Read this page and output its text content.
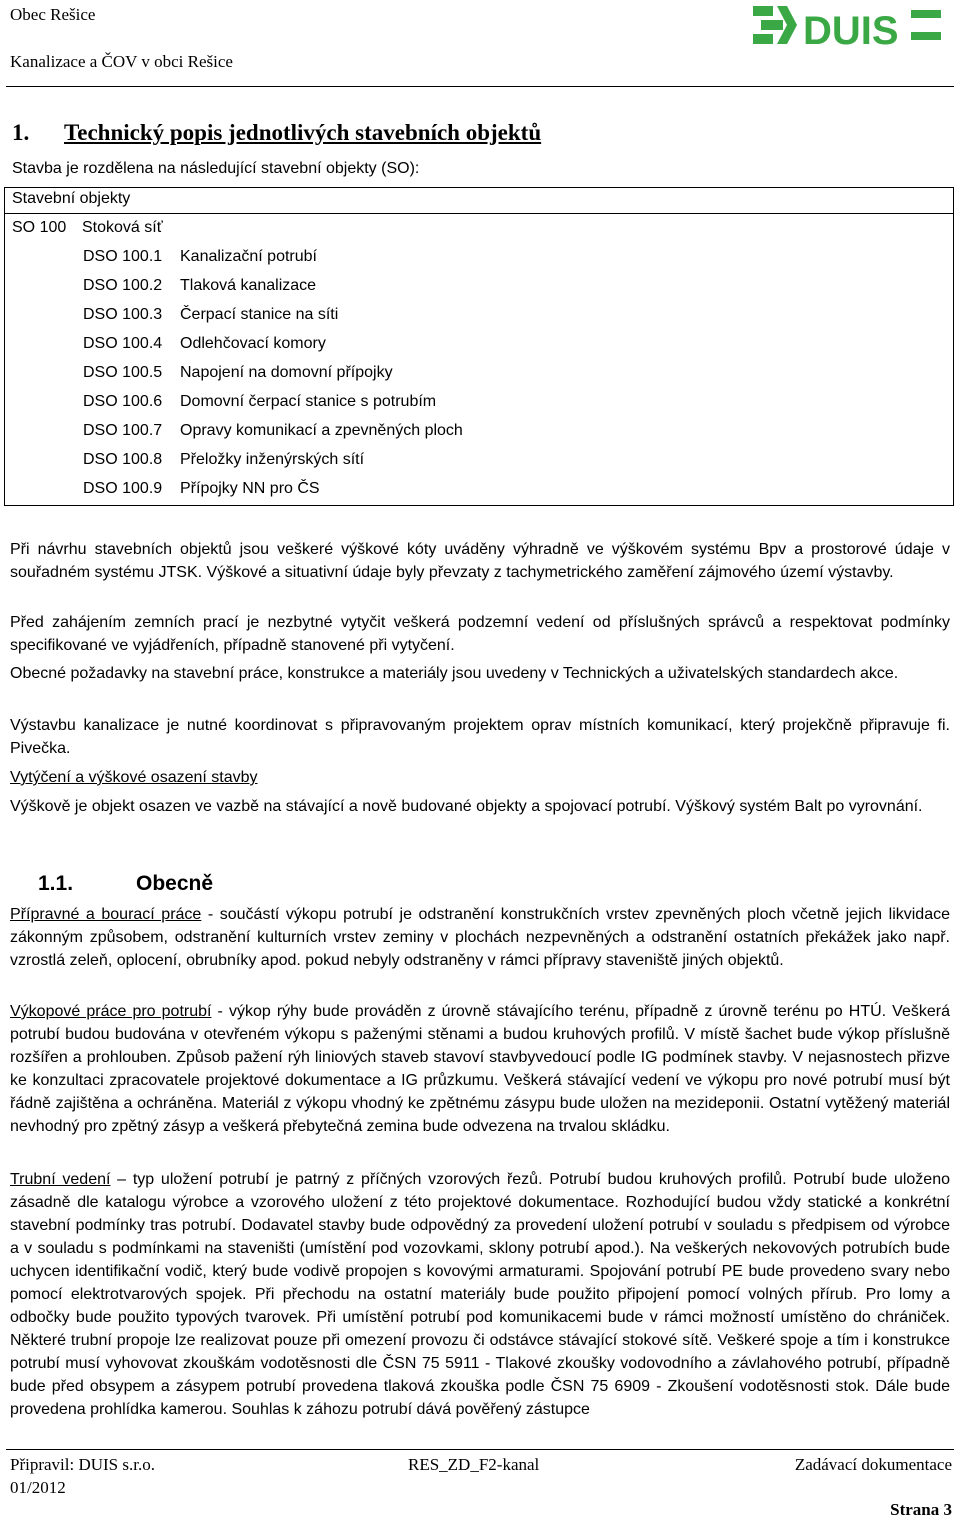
Obec Rešice
Kanalizace a ČOV v obci Rešice
DUIS
1. Technický popis jednotlivých stavebních objektů
Stavba je rozdělena na následující stavební objekty (SO):
Stavební objekty
SO 100 Stoková síť
DSO 100.1 Kanalizační potrubí
DSO 100.2 Tlaková kanalizace
DSO 100.3 Čerpací stanice na síti
DSO 100.4 Odlehčovací komory
DSO 100.5 Napojení na domovní přípojky
DSO 100.6 Domovní čerpací stanice s potrubím
DSO 100.7 Opravy komunikací a zpevněných ploch
DSO 100.8 Přeložky inženýrských sítí
DSO 100.9 Přípojky NN pro ČS
Při návrhu stavebních objektů jsou veškeré výškové kóty uváděny výhradně ve výškovém systému Bpv a prostorové údaje v souřadném systému JTSK. Výškové a situativní údaje byly převzaty z tachymetrického zaměření zájmového území výstavby.
Před zahájením zemních prací je nezbytné vytyčit veškerá podzemní vedení od příslušných správců a respektovat podmínky specifikované ve vyjádřeních, případně stanovené při vytyčení.
Obecné požadavky na stavební práce, konstrukce a materiály jsou uvedeny v Technických a uživatelských standardech akce.
Výstavbu kanalizace je nutné koordinovat s připravovaným projektem oprav místních komunikací, který projekčně připravuje fi. Pivečka.
Vytýčení a výškové osazení stavby
Výškově je objekt osazen ve vazbě na stávající a nově budované objekty a spojovací potrubí. Výškový systém Balt po vyrovnání.
1.1.	Obecně
Přípravné a bourací práce - součástí výkopu potrubí je odstranění konstrukčních vrstev zpevněných ploch včetně jejich likvidace zákonným způsobem, odstranění kulturních vrstev zeminy v plochách nezpevněných a odstranění ostatních překážek jako např. vzrostlá zeleň, oplocení, obrubníky apod. pokud nebyly odstraněny v rámci přípravy staveniště jiných objektů.
Výkopové práce pro potrubí - výkop rýhy bude prováděn z úrovně stávajícího terénu, případně z úrovně terénu po HTÚ. Veškerá potrubí budou budována v otevřeném výkopu s paženými stěnami a budou kruhových profilů. V místě šachet bude výkop příslušně rozšířen a prohlouben. Způsob pažení rýh liniových staveb stavoví stavbyvedoucí podle IG podmínek stavby. V nejasnostech přizve ke konzultaci zpracovatele projektové dokumentace a IG průzkumu. Veškerá stávající vedení ve výkopu pro nové potrubí musí být řádně zajištěna a ochráněna. Materiál z výkopu vhodný ke zpětnému zásypu bude uložen na mezideponii. Ostatní vytěžený materiál nevhodný pro zpětný zásyp a veškerá přebytečná zemina bude odvezena na trvalou skládku.
Trubní vedení – typ uložení potrubí je patrný z příčných vzorových řezů. Potrubí budou kruhových profilů. Potrubí bude uloženo zásadně dle katalogu výrobce a vzorového uložení z této projektové dokumentace. Rozhodující budou vždy statické a konkrétní stavební podmínky tras potrubí. Dodavatel stavby bude odpovědný za provedení uložení potrubí v souladu s předpisem od výrobce a v souladu s podmínkami na staveništi (umístění pod vozovkami, sklony potrubí apod.). Na veškerých nekovových potrubích bude uchycen identifikační vodič, který bude vodivě propojen s kovovými armaturami. Spojování potrubí PE bude provedeno svary nebo pomocí elektrotvarových spojek. Při přechodu na ostatní materiály bude použito připojení pomocí volných přírub. Pro lomy a odbočky bude použito typových tvarovek. Při umístění potrubí pod komunikacemi bude v rámci možností umístěno do chrániček. Některé trubní propoje lze realizovat pouze při omezení provozu či odstávce stávající stokové sítě. Veškeré spoje a tím i konstrukce potrubí musí vyhovovat zkouškám vodotěsnosti dle ČSN 75 5911 - Tlakové zkoušky vodovodního a závlahového potrubí, případně bude před obsypem a zásypem potrubí provedena tlaková zkouška podle ČSN 75 6909 - Zkoušení vodotěsnosti stok. Dále bude provedena prohlídka kamerou. Souhlas k záhozu potrubí dává pověřený zástupce
Připravil: DUIS s.r.o.
01/2012
RES_ZD_F2-kanal	Zadávací dokumentace
Strana 3
